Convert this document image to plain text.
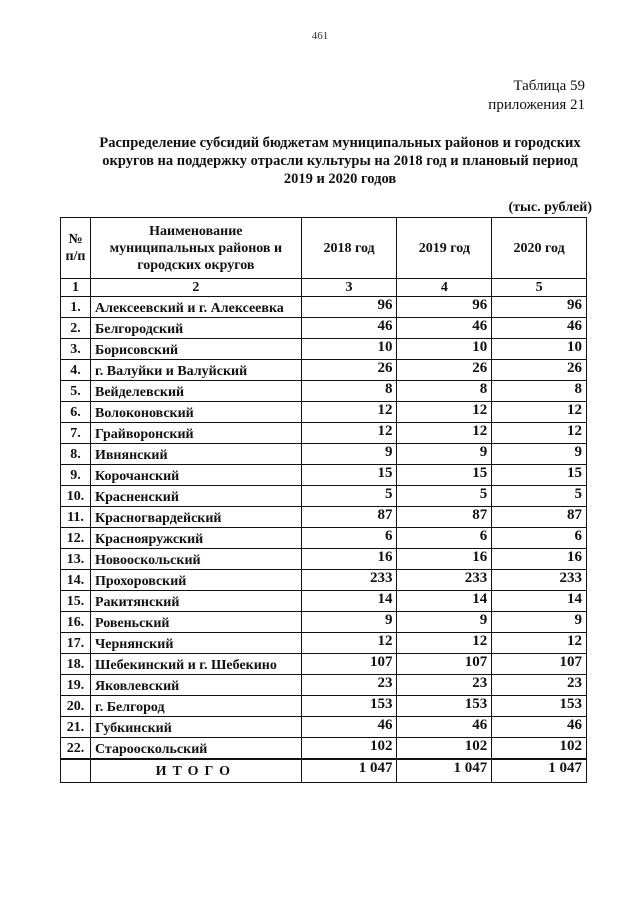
461
Таблица 59
приложения 21
Распределение субсидий бюджетам муниципальных районов и городских
округов на поддержку отрасли культуры на 2018 год и плановый период
2019 и 2020 годов
(тыс. рублей)
№ п/п	Наименование муниципальных районов и городских округов	2018 год	2019 год	2020 год
1	2	3	4	5
1.	Алексеевский и г. Алексеевка	96	96	96
2.	Белгородский	46	46	46
3.	Борисовский	10	10	10
4.	г. Валуйки и Валуйский	26	26	26
5.	Вейделевский	8	8	8
6.	Волоконовский	12	12	12
7.	Грайворонский	12	12	12
8.	Ивнянский	9	9	9
9.	Корочанский	15	15	15
10.	Красненский	5	5	5
11.	Красногвардейский	87	87	87
12.	Краснояружский	6	6	6
13.	Новооскольский	16	16	16
14.	Прохоровский	233	233	233
15.	Ракитянский	14	14	14
16.	Ровеньский	9	9	9
17.	Чернянский	12	12	12
18.	Шебекинский и г. Шебекино	107	107	107
19.	Яковлевский	23	23	23
20.	г. Белгород	153	153	153
21.	Губкинский	46	46	46
22.	Старооскольский	102	102	102
	ИТОГО	1 047	1 047	1 047
